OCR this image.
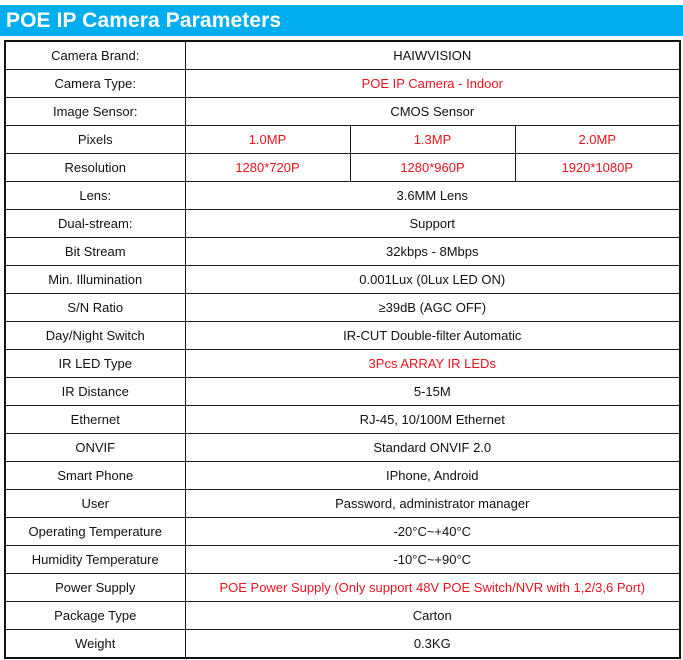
POE IP Camera Parameters
Camera Brand:	HAIWVISION		
Camera Type:	POE IP Camera - Indoor		
Image Sensor:	CMOS Sensor		
Pixels	1.0MP	1.3MP	2.0MP
Resolution	1280*720P	1280*960P	1920*1080P
Lens:	3.6MM Lens		
Dual-stream:	Support		
Bit Stream	32kbps - 8Mbps		
Min. Illumination	0.001Lux (0Lux LED ON)		
S/N Ratio	≥39dB (AGC OFF)		
Day/Night Switch	IR-CUT Double-filter Automatic		
IR LED Type	3Pcs ARRAY IR LEDs		
IR Distance	5-15M		
Ethernet	RJ-45, 10/100M Ethernet		
ONVIF	Standard ONVIF 2.0		
Smart Phone	IPhone, Android		
User	Password, administrator manager		
Operating Temperature	-20°C~+40°C		
Humidity Temperature	-10°C~+90°C		
Power Supply	POE Power Supply (Only support 48V POE Switch/NVR with 1,2/3,6 Port)		
Package Type	Carton		
Weight	0.3KG		
